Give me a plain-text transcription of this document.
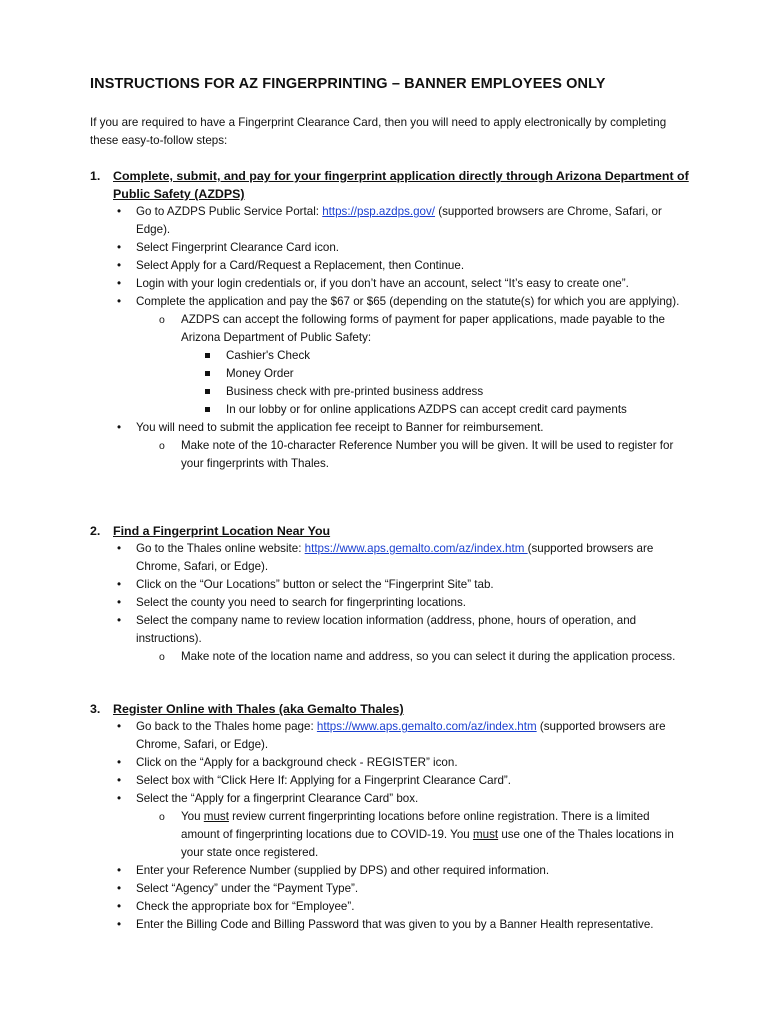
INSTRUCTIONS FOR AZ FINGERPRINTING – BANNER EMPLOYEES ONLY

If you are required to have a Fingerprint Clearance Card, then you will need to apply electronically by completing these easy-to-follow steps:

1.	Complete, submit, and pay for your fingerprint application directly through Arizona Department of Public Safety (AZDPS)
• Go to AZDPS Public Service Portal: https://psp.azdps.gov/ (supported browsers are Chrome, Safari, or Edge).
• Select Fingerprint Clearance Card icon.
• Select Apply for a Card/Request a Replacement, then Continue.
• Login with your login credentials or, if you don’t have an account, select “It’s easy to create one”.
• Complete the application and pay the $67 or $65 (depending on the statute(s) for which you are applying).
o AZDPS can accept the following forms of payment for paper applications, made payable to the Arizona Department of Public Safety:
Cashier's Check
Money Order
Business check with pre-printed business address
In our lobby or for online applications AZDPS can accept credit card payments
• You will need to submit the application fee receipt to Banner for reimbursement.
o Make note of the 10-character Reference Number you will be given. It will be used to register for your fingerprints with Thales.
2.	Find a Fingerprint Location Near You
• Go to the Thales online website: https://www.aps.gemalto.com/az/index.htm (supported browsers are Chrome, Safari, or Edge).
• Click on the “Our Locations” button or select the “Fingerprint Site” tab.
• Select the county you need to search for fingerprinting locations.
• Select the company name to review location information (address, phone, hours of operation, and instructions).
o Make note of the location name and address, so you can select it during the application process.
3.	Register Online with Thales (aka Gemalto Thales)
• Go back to the Thales home page: https://www.aps.gemalto.com/az/index.htm (supported browsers are Chrome, Safari, or Edge).
• Click on the “Apply for a background check - REGISTER” icon.
• Select box with “Click Here If: Applying for a Fingerprint Clearance Card”.
• Select the “Apply for a fingerprint Clearance Card” box.
o You must review current fingerprinting locations before online registration. There is a limited amount of fingerprinting locations due to COVID-19. You must use one of the Thales locations in your state once registered.
• Enter your Reference Number (supplied by DPS) and other required information.
• Select “Agency” under the “Payment Type”.
• Check the appropriate box for “Employee”.
• Enter the Billing Code and Billing Password that was given to you by a Banner Health representative.
